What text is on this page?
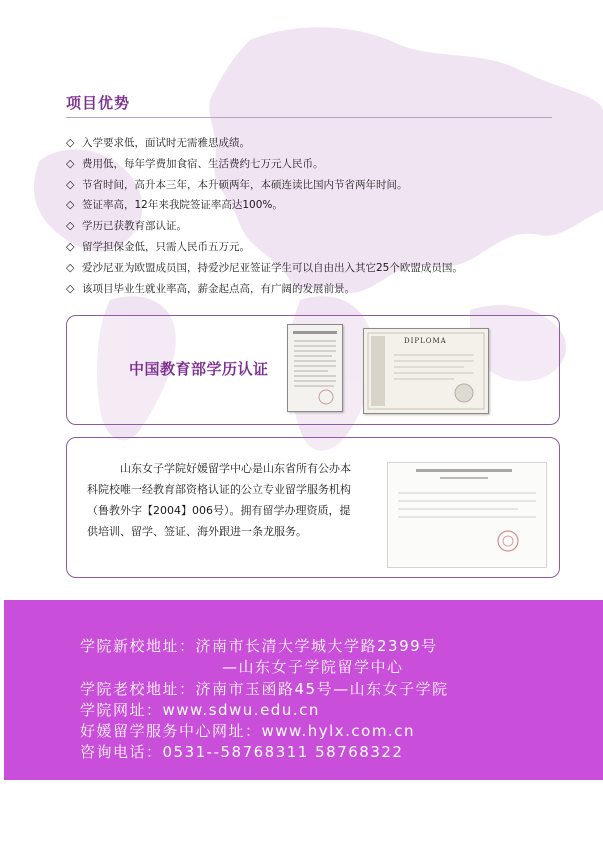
项目优势
◇ 入学要求低，面试时无需雅思成绩。
◇ 费用低，每年学费加食宿、生活费约七万元人民币。
◇ 节省时间，高升本三年，本升硕两年，本硕连读比国内节省两年时间。
◇ 签证率高，12年来我院签证率高达100%。
◇ 学历已获教育部认证。
◇ 留学担保金低，只需人民币五万元。
◇ 爱沙尼亚为欧盟成员国，持爱沙尼亚签证学生可以自由出入其它25个欧盟成员国。
◇ 该项目毕业生就业率高，薪金起点高，有广阔的发展前景。
中国教育部学历认证
DIPLOMA

山东女子学院好媛留学中心是山东省所有公办本科院校唯一经教育部资格认证的公立专业留学服务机构（鲁教外字【2004】006号）。拥有留学办理资质，提供培训、留学、签证、海外跟进一条龙服务。

学院新校地址：济南市长清大学城大学路2399号
—山东女子学院留学中心
学院老校地址：济南市玉函路45号—山东女子学院
学院网址：www.sdwu.edu.cn
好媛留学服务中心网址：www.hylx.com.cn
咨询电话：0531--58768311 58768322
